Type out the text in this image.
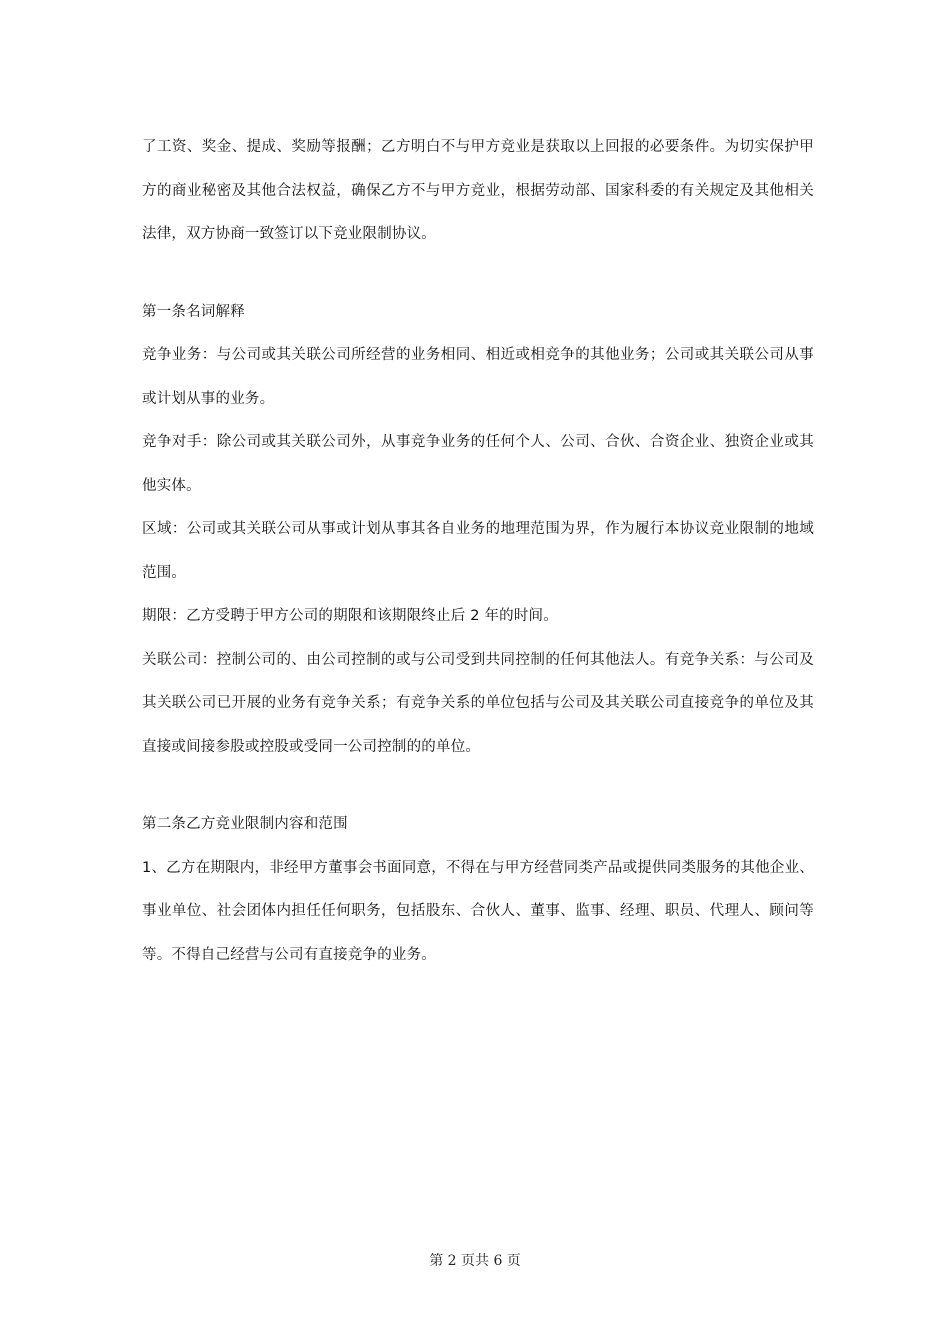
了工资、奖金、提成、奖励等报酬；乙方明白不与甲方竞业是获取以上回报的必要条件。为切实保护甲方的商业秘密及其他合法权益，确保乙方不与甲方竞业，根据劳动部、国家科委的有关规定及其他相关法律，双方协商一致签订以下竞业限制协议。

第一条名词解释

竞争业务：与公司或其关联公司所经营的业务相同、相近或相竞争的其他业务；公司或其关联公司从事或计划从事的业务。

竞争对手：除公司或其关联公司外，从事竞争业务的任何个人、公司、合伙、合资企业、独资企业或其他实体。

区域：公司或其关联公司从事或计划从事其各自业务的地理范围为界，作为履行本协议竞业限制的地域范围。

期限：乙方受聘于甲方公司的期限和该期限终止后 2 年的时间。

关联公司：控制公司的、由公司控制的或与公司受到共同控制的任何其他法人。有竞争关系：与公司及其关联公司已开展的业务有竞争关系；有竞争关系的单位包括与公司及其关联公司直接竞争的单位及其直接或间接参股或控股或受同一公司控制的的单位。

第二条乙方竞业限制内容和范围

1、乙方在期限内，非经甲方董事会书面同意，不得在与甲方经营同类产品或提供同类服务的其他企业、事业单位、社会团体内担任任何职务，包括股东、合伙人、董事、监事、经理、职员、代理人、顾问等等。不得自己经营与公司有直接竞争的业务。

第 2 页共 6 页
